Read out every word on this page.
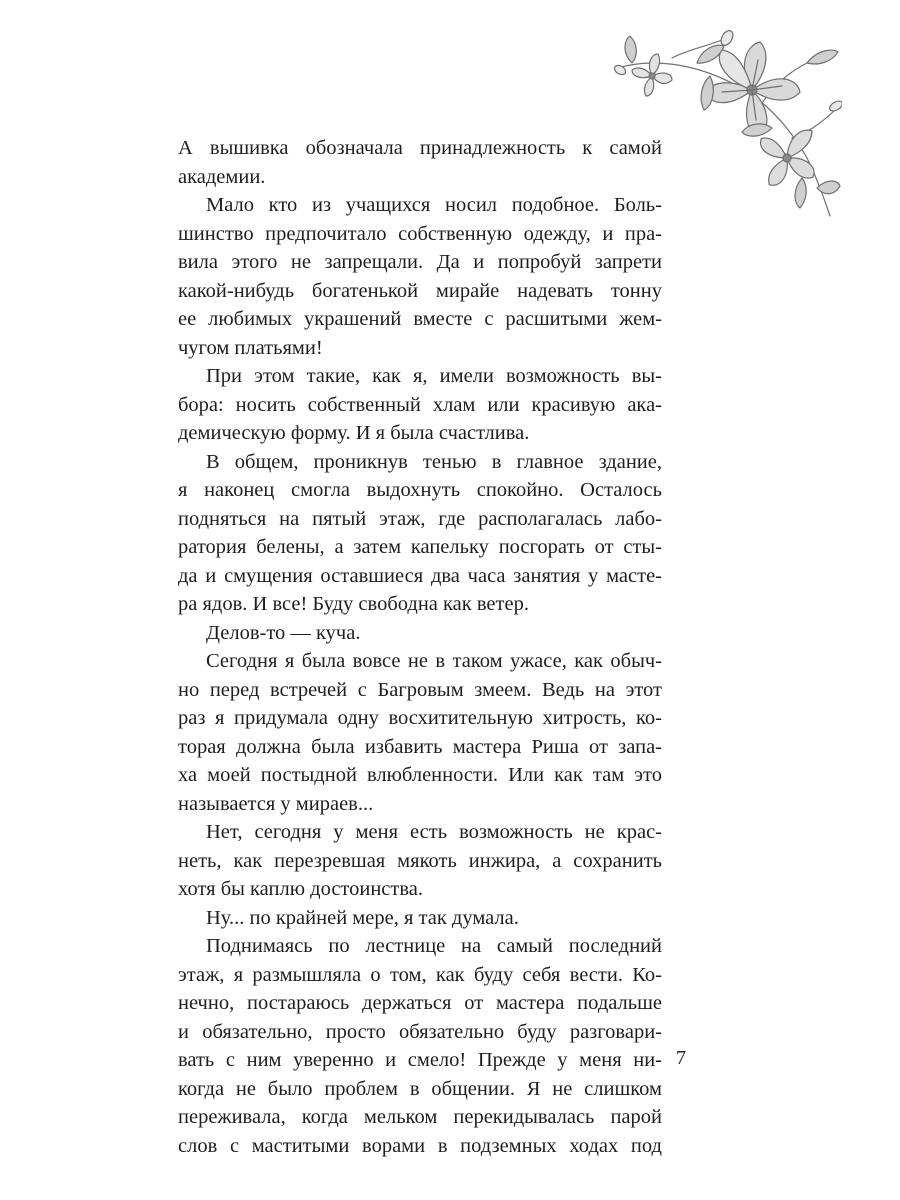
А вышивка обозначала принадлежность к самой
академии.
Мало кто из учащихся носил подобное. Боль-
шинство предпочитало собственную одежду, и пра-
вила этого не запрещали. Да и попробуй запрети
какой-нибудь богатенькой мирайе надевать тонну
ее любимых украшений вместе с расшитыми жем-
чугом платьями!
При этом такие, как я, имели возможность вы-
бора: носить собственный хлам или красивую ака-
демическую форму. И я была счастлива.
В общем, проникнув тенью в главное здание,
я наконец смогла выдохнуть спокойно. Осталось
подняться на пятый этаж, где располагалась лабо-
ратория белены, а затем капельку посгорать от сты-
да и смущения оставшиеся два часа занятия у масте-
ра ядов. И все! Буду свободна как ветер.
Делов-то — куча.
Сегодня я была вовсе не в таком ужасе, как обыч-
но перед встречей с Багровым змеем. Ведь на этот
раз я придумала одну восхитительную хитрость, ко-
торая должна была избавить мастера Риша от запа-
ха моей постыдной влюбленности. Или как там это
называется у мираев...
Нет, сегодня у меня есть возможность не крас-
неть, как перезревшая мякоть инжира, а сохранить
хотя бы каплю достоинства.
Ну... по крайней мере, я так думала.
Поднимаясь по лестнице на самый последний
этаж, я размышляла о том, как буду себя вести. Ко-
нечно, постараюсь держаться от мастера подальше
и обязательно, просто обязательно буду разговари-
вать с ним уверенно и смело! Прежде у меня ни-
когда не было проблем в общении. Я не слишком
переживала, когда мельком перекидывалась парой
слов с маститыми ворами в подземных ходах под
7
